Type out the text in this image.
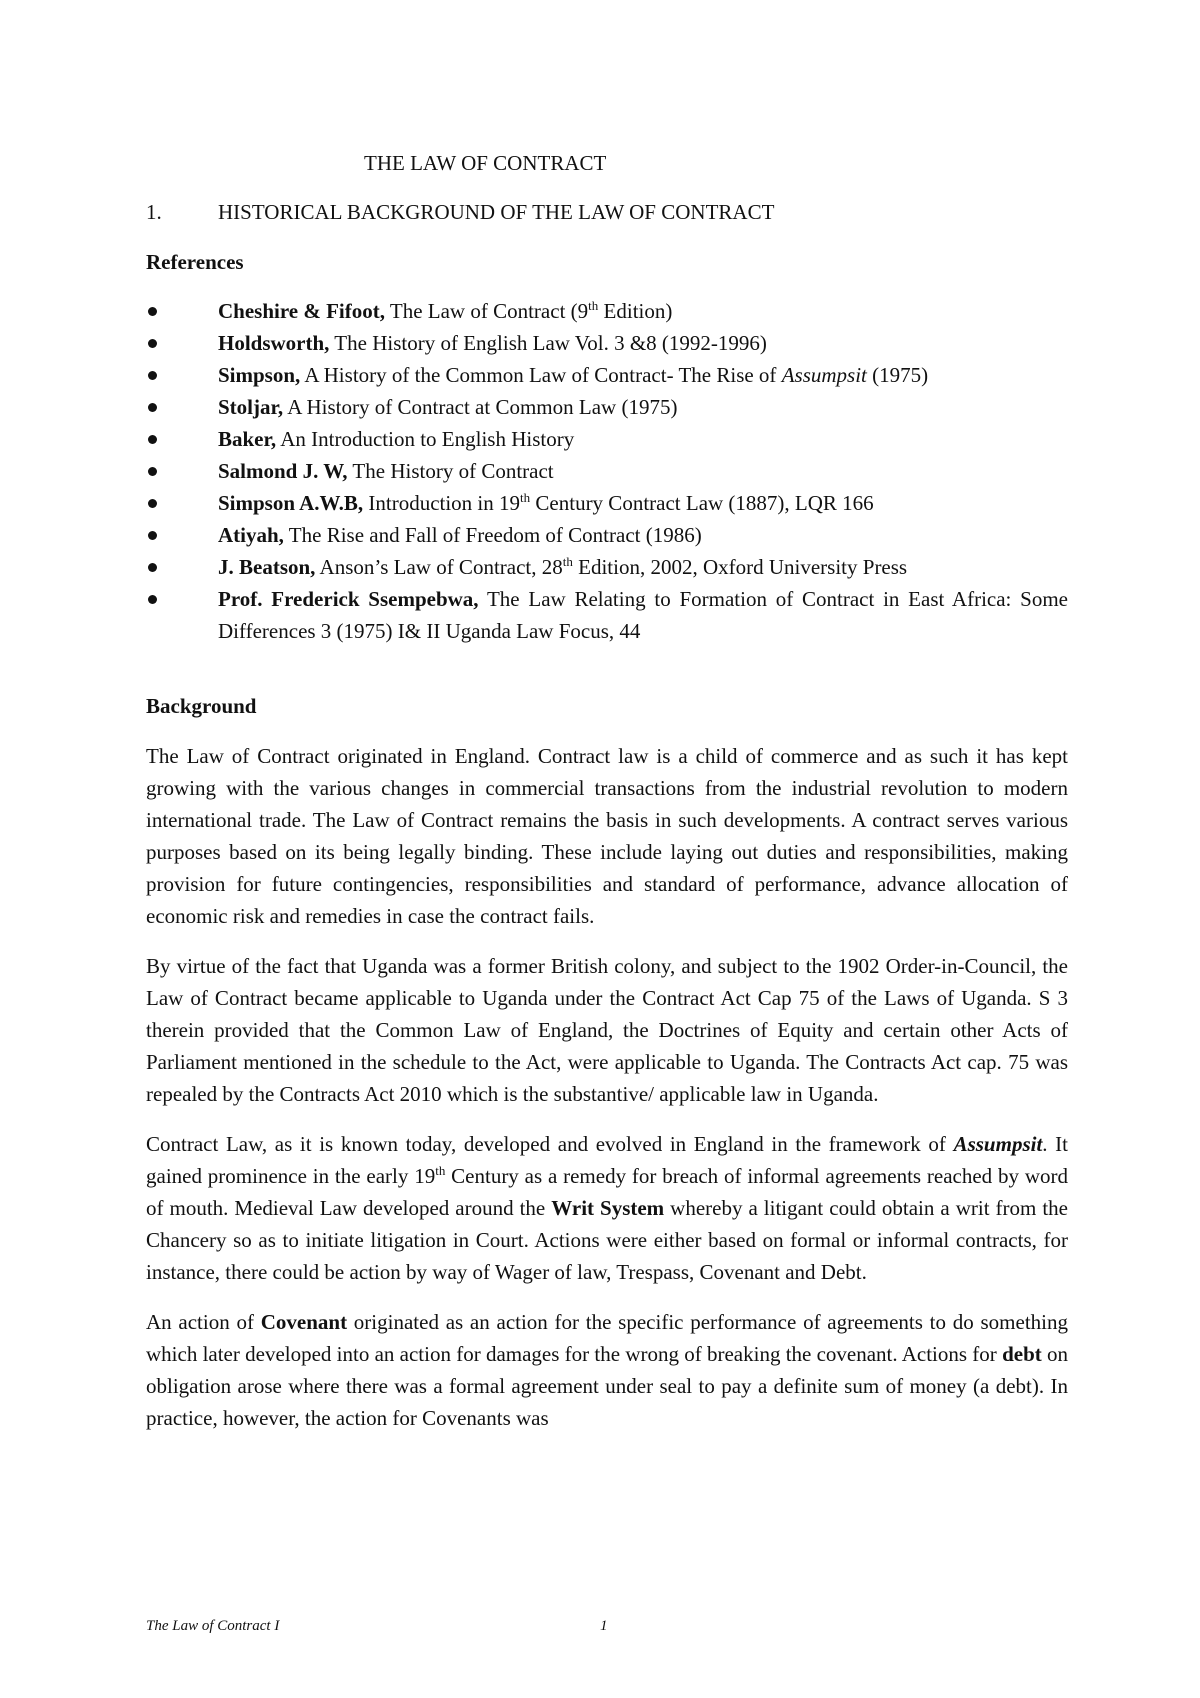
THE LAW OF CONTRACT
1.	HISTORICAL BACKGROUND OF THE LAW OF CONTRACT
References
Cheshire & Fifoot, The Law of Contract (9th Edition)
Holdsworth, The History of English Law Vol. 3 &8 (1992-1996)
Simpson, A History of the Common Law of Contract- The Rise of Assumpsit (1975)
Stoljar, A History of Contract at Common Law (1975)
Baker, An Introduction to English History
Salmond J. W, The History of Contract
Simpson A.W.B, Introduction in 19th Century Contract Law (1887), LQR 166
Atiyah, The Rise and Fall of Freedom of Contract (1986)
J. Beatson, Anson’s Law of Contract, 28th Edition, 2002, Oxford University Press
Prof. Frederick Ssempebwa, The Law Relating to Formation of Contract in East Africa: Some Differences 3 (1975) I& II Uganda Law Focus, 44
Background

The Law of Contract originated in England. Contract law is a child of commerce and as such it has kept growing with the various changes in commercial transactions from the industrial revolution to modern international trade. The Law of Contract remains the basis in such developments. A contract serves various purposes based on its being legally binding. These include laying out duties and responsibilities, making provision for future contingencies, responsibilities and standard of performance, advance allocation of economic risk and remedies in case the contract fails.

By virtue of the fact that Uganda was a former British colony, and subject to the 1902 Order-in-Council, the Law of Contract became applicable to Uganda under the Contract Act Cap 75 of the Laws of Uganda. S 3 therein provided that the Common Law of England, the Doctrines of Equity and certain other Acts of Parliament mentioned in the schedule to the Act, were applicable to Uganda. The Contracts Act cap. 75 was repealed by the Contracts Act 2010 which is the substantive/ applicable law in Uganda.

Contract Law, as it is known today, developed and evolved in England in the framework of Assumpsit. It gained prominence in the early 19th Century as a remedy for breach of informal agreements reached by word of mouth. Medieval Law developed around the Writ System whereby a litigant could obtain a writ from the Chancery so as to initiate litigation in Court. Actions were either based on formal or informal contracts, for instance, there could be action by way of Wager of law, Trespass, Covenant and Debt.

An action of Covenant originated as an action for the specific performance of agreements to do something which later developed into an action for damages for the wrong of breaking the covenant. Actions for debt on obligation arose where there was a formal agreement under seal to pay a definite sum of money (a debt). In practice, however, the action for Covenants was

The Law of Contract I	1
